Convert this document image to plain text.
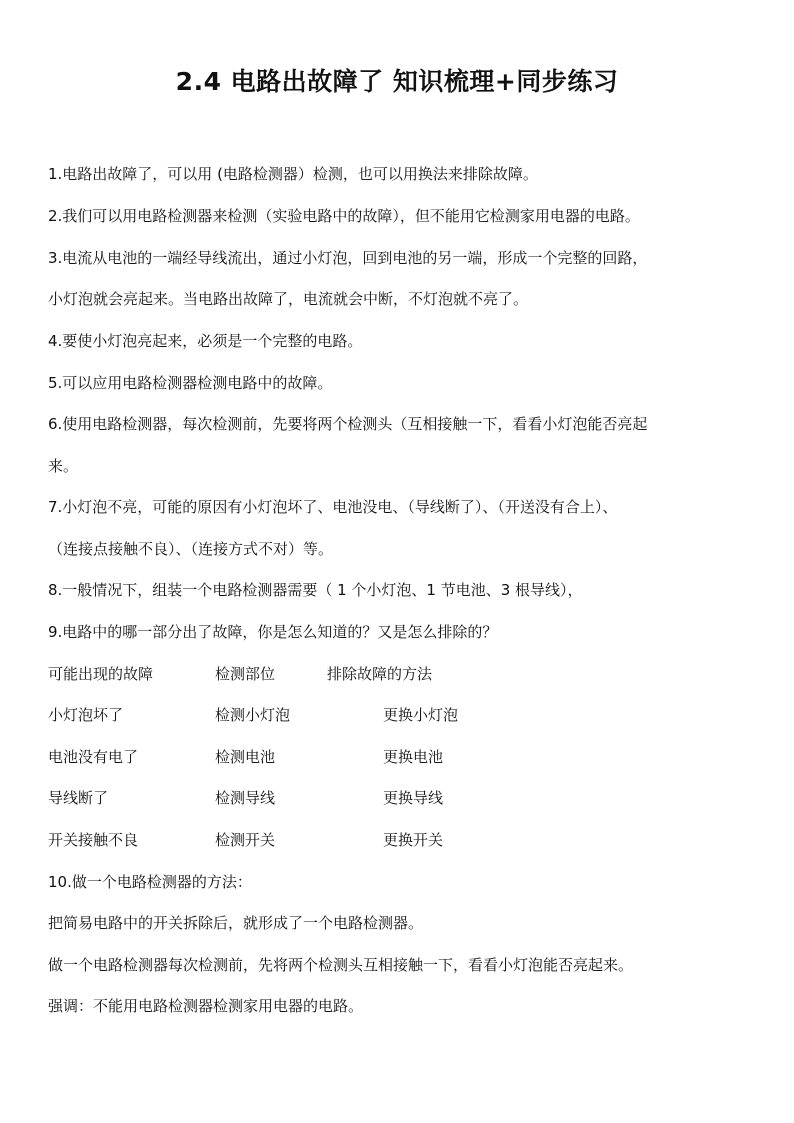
2.4 电路出故障了 知识梳理+同步练习
1.电路出故障了，可以用 (电路检测器）检测，也可以用换法来排除故障。
2.我们可以用电路检测器来检测（实验电路中的故障），但不能用它检测家用电器的电路。
3.电流从电池的一端经导线流出，通过小灯泡，回到电池的另一端，形成一个完整的回路，
小灯泡就会亮起来。当电路出故障了，电流就会中断，不灯泡就不亮了。
4.要使小灯泡亮起来，必须是一个完整的电路。
5.可以应用电路检测器检测电路中的故障。
6.使用电路检测器，每次检测前，先要将两个检测头（互相接触一下，看看小灯泡能否亮起
来。
7.小灯泡不亮，可能的原因有小灯泡坏了、电池没电、（导线断了）、（开送没有合上）、
（连接点接触不良）、（连接方式不对）等。
8.一般情况下，组装一个电路检测器需要（ 1 个小灯泡、1 节电池、3 根导线），
9.电路中的哪一部分出了故障，你是怎么知道的？又是怎么排除的？
可能出现的故障	检测部位	排除故障的方法
小灯泡坏了	检测小灯泡	更换小灯泡
电池没有电了	检测电池	更换电池
导线断了	检测导线	更换导线
开关接触不良	检测开关	更换开关
10.做一个电路检测器的方法：
把简易电路中的开关拆除后，就形成了一个电路检测器。
做一个电路检测器每次检测前，先将两个检测头互相接触一下，看看小灯泡能否亮起来。
强调：不能用电路检测器检测家用电器的电路。
